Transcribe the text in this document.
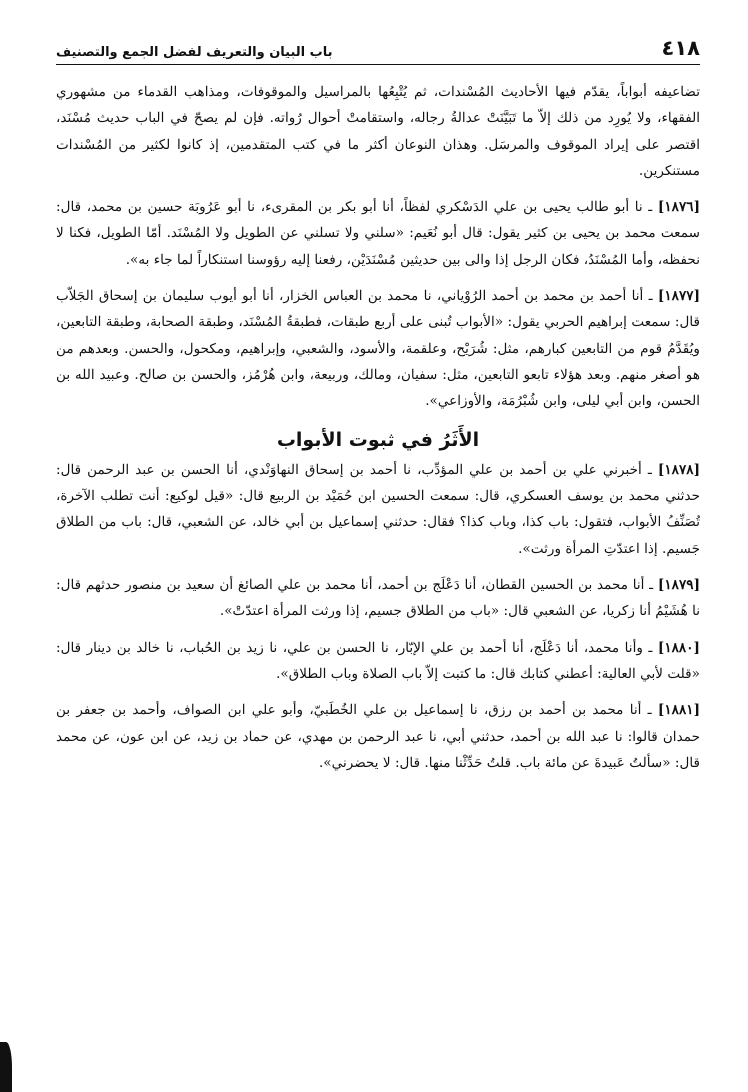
٤١٨
باب البيان والتعريف لفضل الجمع والتصنيف

تضاعيفه أبواباً، يقدّم فيها الأحاديث المُسْندات، ثم يُتْبِعُها بالمراسيل والموقوفات، ومذاهب القدماء من مشهوري الفقهاء، ولا يُورِد من ذلك إلاّ ما تَبَيَّنَتْ عدالةُ رجاله، واستقامتْ أحوال رُواته. فإن لم يصحّ في الباب حديث مُسْنَد، اقتصر على إيراد الموقوف والمرسَل. وهذان النوعان أكثر ما في كتب المتقدمين، إذ كانوا لكثير من المُسْندات مستنكرين.

[١٨٧٦] ـ نا أبو طالب يحيى بن علي الدَسْكري لفظاً، أنا أبو بكر بن المقرىء، نا أبو عَرُوبَة حسين بن محمد، قال: سمعت محمد بن يحيى بن كثير يقول: قال أبو نُعَيم: «سلني ولا تسلني عن الطويل ولا المُسْنَد. أمّا الطويل، فكنا لا نحفظه، وأما المُسْنَدُ، فكان الرجل إذا والى بين حديثين مُسْنَدَيْن، رفعنا إليه رؤوسنا استنكاراً لما جاء به».

[١٨٧٧] ـ أنا أحمد بن محمد بن أحمد الرُوْياني، نا محمد بن العباس الخزار، أنا أبو أيوب سليمان بن إسحاق الجَلاّب قال: سمعت إبراهيم الحربي يقول: «الأبواب تُبنى على أربع طبقات، فطبقةُ المُسْنَد، وطبقة الصحابة، وطبقة التابعين، ويُقَدَّمُ قوم من التابعين كبارهم، مثل: شُرَيْح، وعلقمة، والأسود، والشعبي، وإبراهيم، ومكحول، والحسن. وبعدهم من هو أصغر منهم. وبعد هؤلاء تابعو التابعين، مثل: سفيان، ومالك، وربيعة، وابن هُرْمُز، والحسن بن صالح. وعبيد الله بن الحسن، وابن أبي ليلى، وابن شُبْرُمَة، والأوزاعي».

الأَثَرُ في ثبوت الأبواب

[١٨٧٨] ـ أخبرني علي بن أحمد بن علي المؤدِّب، نا أحمد بن إسحاق النهاوَنْدي، أنا الحسن بن عبد الرحمن قال: حدثني محمد بن يوسف العسكري، قال: سمعت الحسين ابن حُمَيْد بن الربيع قال: «قيل لوكيع: أنت تطلب الآخرة، تُصَنِّفُ الأبواب، فتقول: باب كذا، وباب كذا؟ فقال: حدثني إسماعيل بن أبي خالد، عن الشعبي، قال: باب من الطلاق جَسيم. إذا اعتدّتِ المرأة ورثت».

[١٨٧٩] ـ أنا محمد بن الحسين القطان، أنا دَعْلَج بن أحمد، أنا محمد بن علي الصائغ أن سعيد بن منصور حدثهم قال: نا هُشَيْمُ أنا زكريا، عن الشعبي قال: «باب من الطلاق جسيم، إذا ورثت المرأة اعتدّتْ».

[١٨٨٠] ـ وأنا محمد، أنا دَعْلَج، أنا أحمد بن علي الإبّار، نا الحسن بن علي، نا زيد بن الحُباب، نا خالد بن دينار قال: «قلت لأبي العالية: أعطني كتابك قال: ما كتبت إلاّ باب الصلاة وباب الطلاق».

[١٨٨١] ـ أنا محمد بن أحمد بن رزق، نا إسماعيل بن علي الخُطَبيّ، وأبو علي ابن الصواف، وأحمد بن جعفر بن حمدان قالوا: نا عبد الله بن أحمد، حدثني أبي، نا عبد الرحمن بن مهدي، عن حماد بن زيد، عن ابن عون، عن محمد قال: «سألتُ عَبيدةَ عن مائة باب. قلتُ حَدِّثْنا منها. قال: لا يحضرني».
